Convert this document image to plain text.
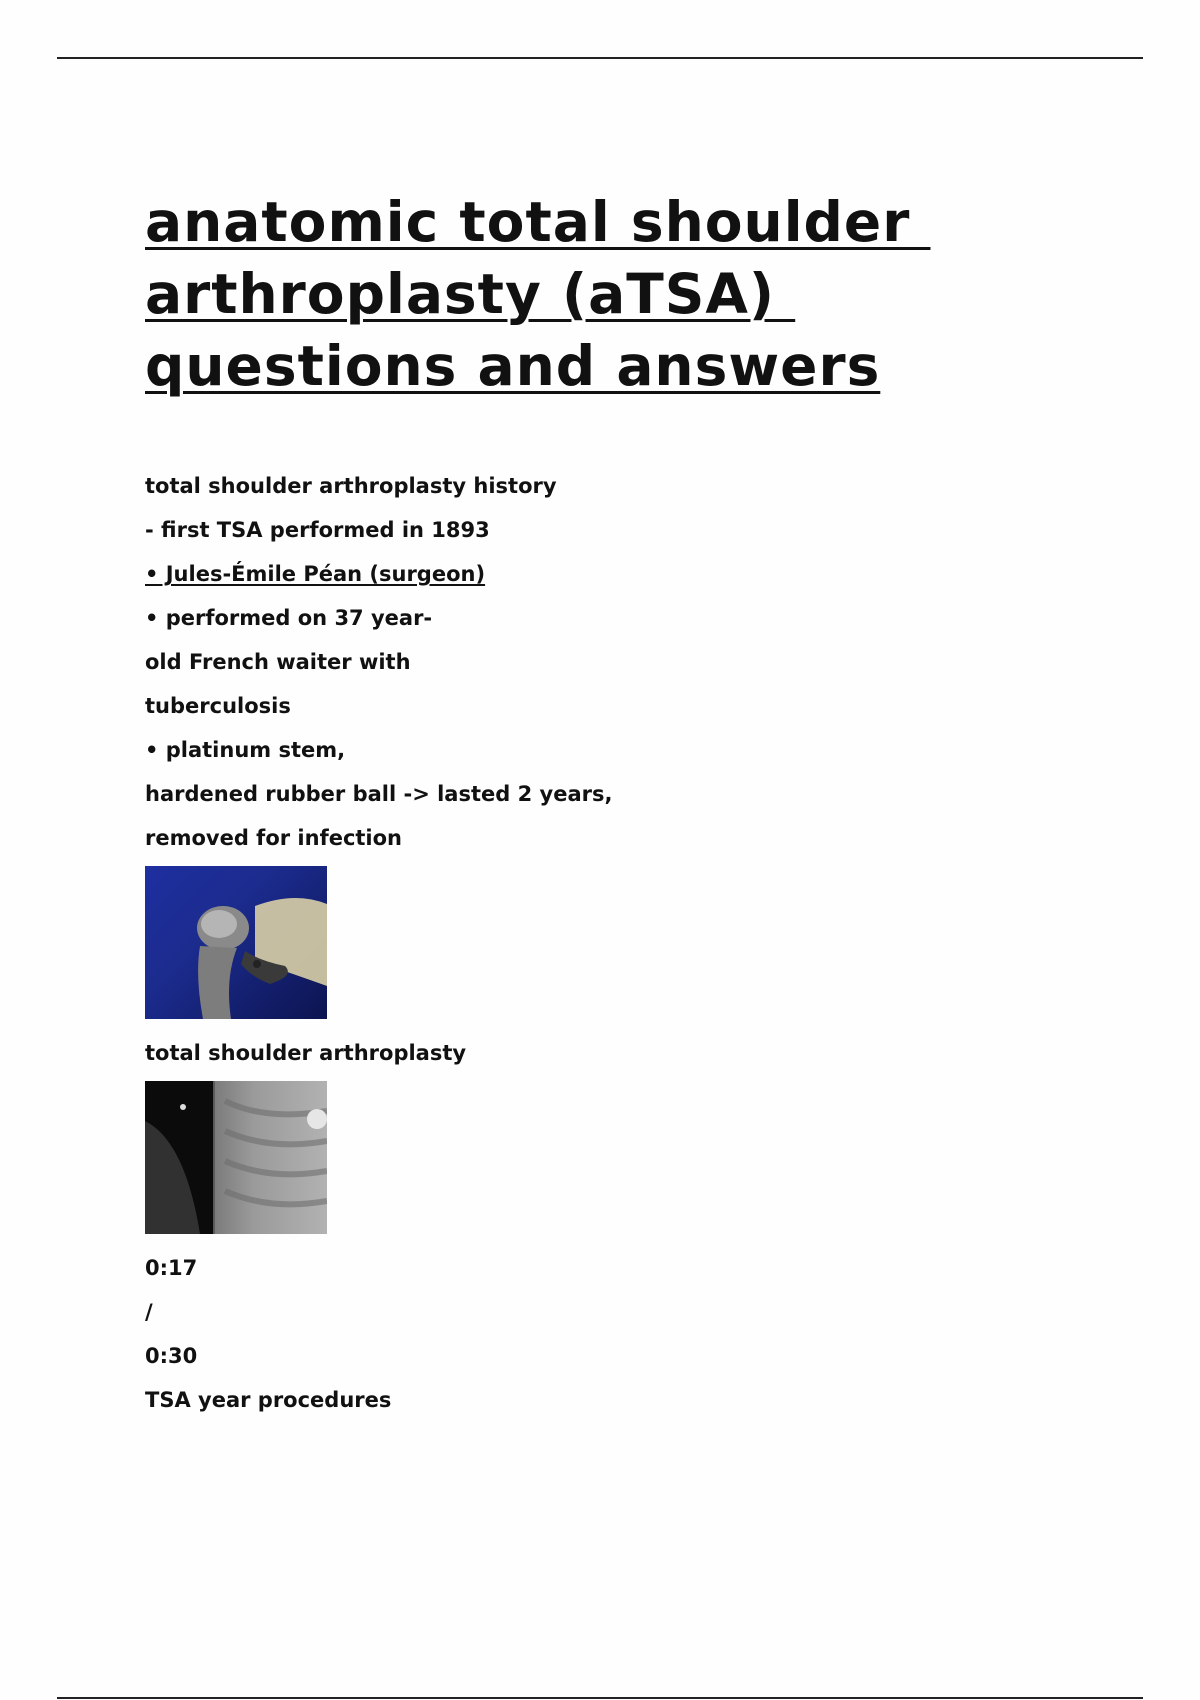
anatomic total shoulder
arthroplasty (aTSA)
questions and answers
total shoulder arthroplasty history
- first TSA performed in 1893
• Jules-Émile Péan (surgeon)
• performed on 37 year-
old French waiter with
tuberculosis
• platinum stem,
hardened rubber ball -> lasted 2 years,
removed for infection
total shoulder arthroplasty
0:17
/
0:30
TSA year procedures
